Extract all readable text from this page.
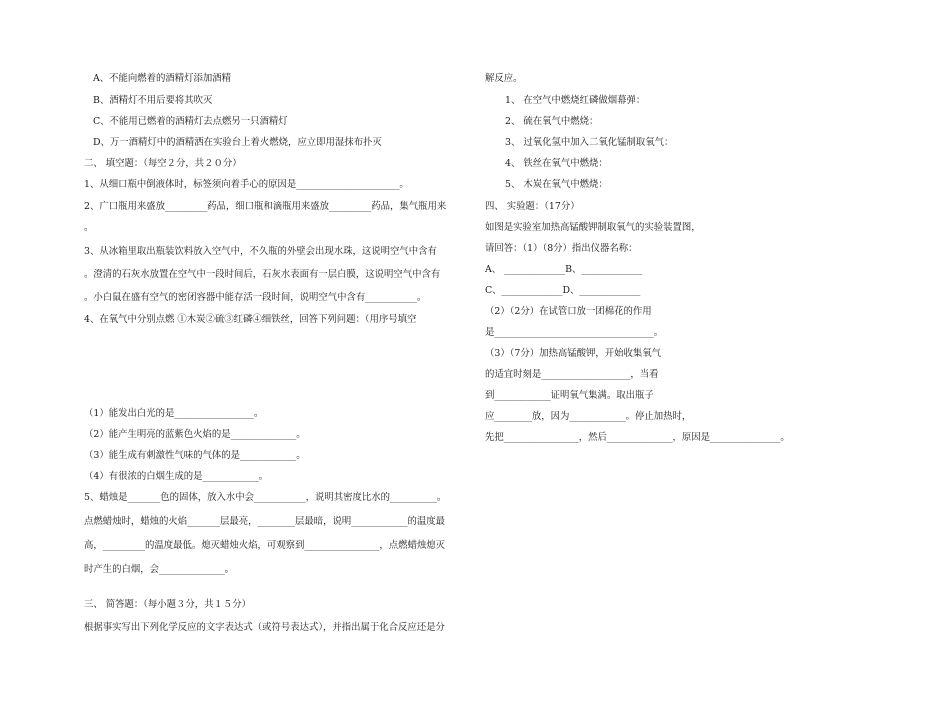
A、不能向燃着的酒精灯添加酒精
B、酒精灯不用后要将其吹灭
C、不能用已燃着的酒精灯去点燃另一只酒精灯
D、万一酒精灯中的酒精洒在实验台上着火燃烧，应立即用湿抹布扑灭
二、 填空题：（每空２分，共２０分）
1、从细口瓶中倒液体时，标签须向着手心的原因是______________________。
2、广口瓶用来盛放_________药品，细口瓶和滴瓶用来盛放_________药品，集气瓶用来
。
3、从冰箱里取出瓶装饮料放入空气中，不久瓶的外壁会出现水珠，这说明空气中含有
。澄清的石灰水放置在空气中一段时间后，石灰水表面有一层白膜，这说明空气中含有
。小白鼠在盛有空气的密闭容器中能存活一段时间，说明空气中含有___________。
4、在氧气中分别点燃 ①木炭②硫③红磷④细铁丝，回答下列问题：（用序号填空
（1）能发出白光的是_________________。
（2）能产生明亮的蓝紫色火焰的是______________。
（3）能生成有刺激性气味的气体的是____________。
（4）有很浓的白烟生成的是____________。
5、蜡烛是_______色的固体，放入水中会___________，说明其密度比水的__________。
点燃蜡烛时，蜡烛的火焰_______层最亮，________层最暗，说明____________的温度最
高，_________的温度最低。熄灭蜡烛火焰，可观察到________________，点燃蜡烛熄灭
时产生的白烟，会______________。
三、 简答题：（每小题３分，共１５分）
根据事实写出下列化学反应的文字表达式（或符号表达式），并指出属于化合反应还是分
解反应。
1、 在空气中燃烧红磷做烟幕弹：
2、 硫在氧气中燃烧：
3、 过氧化氢中加入二氧化锰制取氧气：
4、 铁丝在氧气中燃烧：
5、 木炭在氧气中燃烧：
四、 实验题：（17分）
如图是实验室加热高锰酸钾制取氧气的实验装置图，
请回答：（1）（8分）指出仪器名称：
A、 _____________B、_____________
C、_____________D、_____________
（2）（2分）在试管口放一团棉花的作用
是__________________________________。
（3）（7分）加热高锰酸钾，开始收集氧气
的适宜时刻是___________________，当看
到____________证明氧气集满。取出瓶子
应________放，因为____________。停止加热时，
先把________________，然后______________，原因是_______________。
